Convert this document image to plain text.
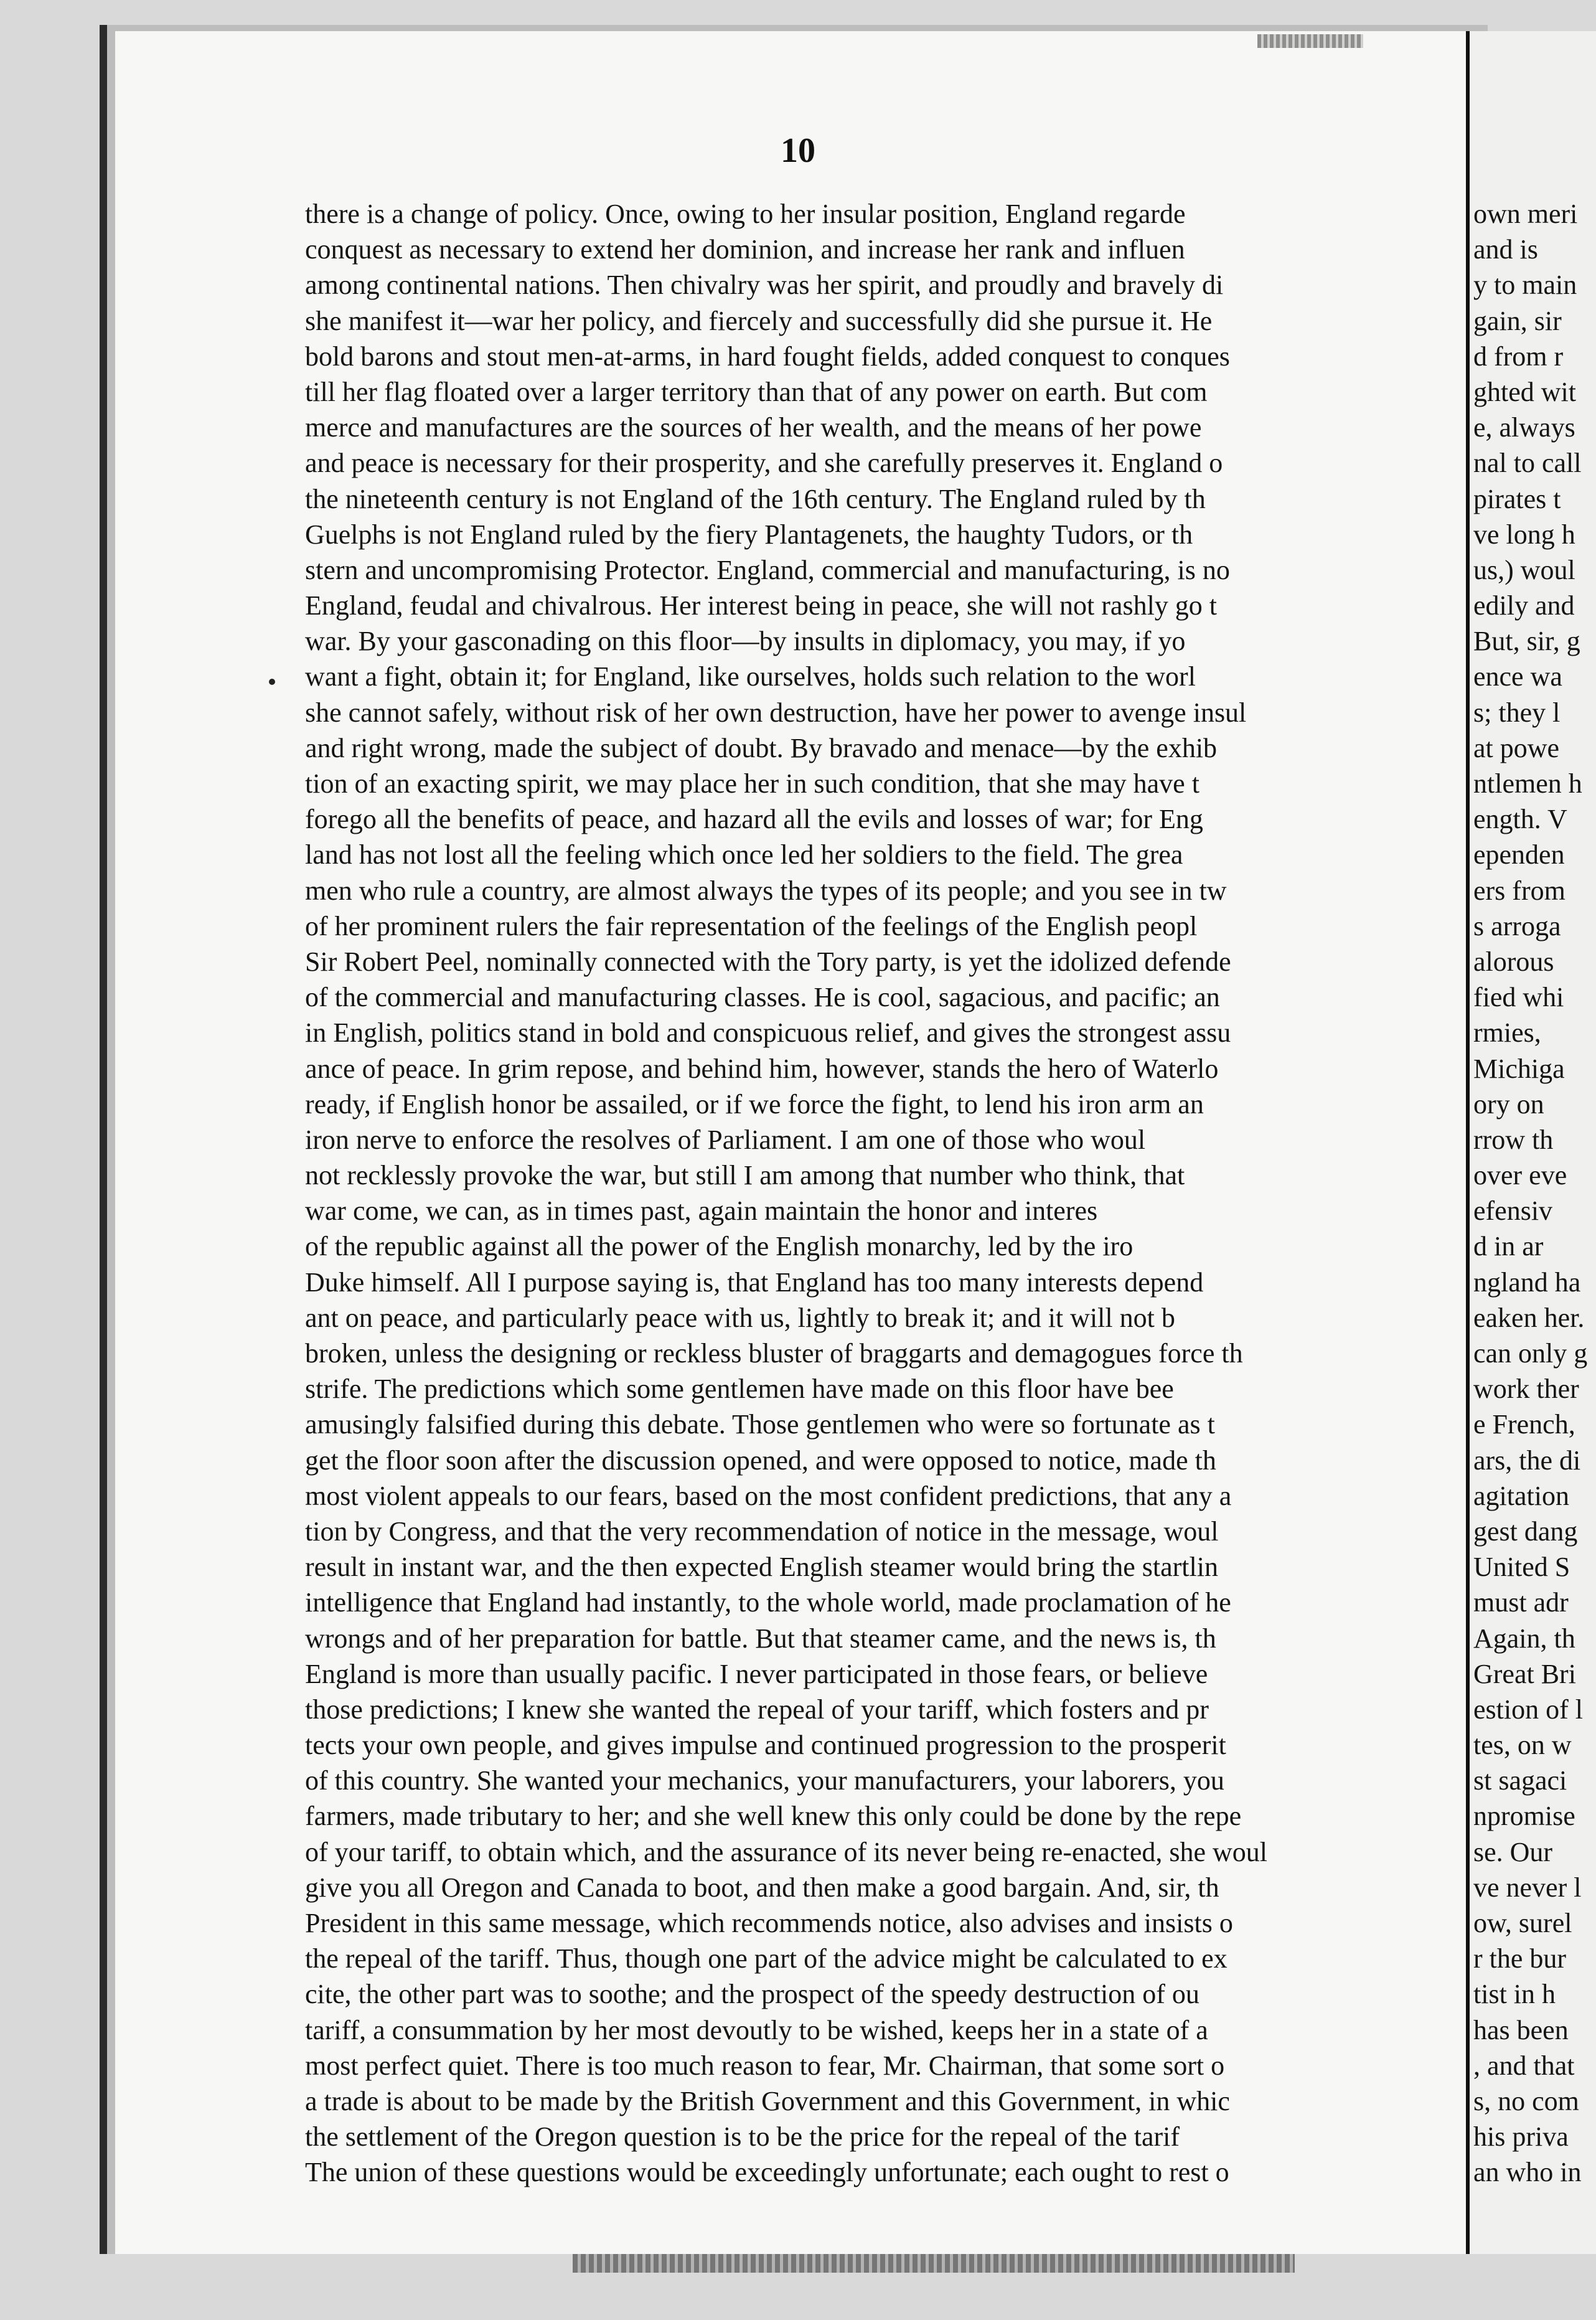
10
there is a change of policy. Once, owing to her insular position, England regarde
conquest as necessary to extend her dominion, and increase her rank and influen
among continental nations. Then chivalry was her spirit, and proudly and bravely di
she manifest it—war her policy, and fiercely and successfully did she pursue it. He
bold barons and stout men-at-arms, in hard fought fields, added conquest to conques
till her flag floated over a larger territory than that of any power on earth. But com
merce and manufactures are the sources of her wealth, and the means of her powe
and peace is necessary for their prosperity, and she carefully preserves it. England o
the nineteenth century is not England of the 16th century. The England ruled by th
Guelphs is not England ruled by the fiery Plantagenets, the haughty Tudors, or th
stern and uncompromising Protector. England, commercial and manufacturing, is no
England, feudal and chivalrous. Her interest being in peace, she will not rashly go t
war. By your gasconading on this floor—by insults in diplomacy, you may, if yo
want a fight, obtain it; for England, like ourselves, holds such relation to the worl
she cannot safely, without risk of her own destruction, have her power to avenge insul
and right wrong, made the subject of doubt. By bravado and menace—by the exhib
tion of an exacting spirit, we may place her in such condition, that she may have t
forego all the benefits of peace, and hazard all the evils and losses of war; for Eng
land has not lost all the feeling which once led her soldiers to the field. The grea
men who rule a country, are almost always the types of its people; and you see in tw
of her prominent rulers the fair representation of the feelings of the English peopl
Sir Robert Peel, nominally connected with the Tory party, is yet the idolized defende
of the commercial and manufacturing classes. He is cool, sagacious, and pacific; an
in English, politics stand in bold and conspicuous relief, and gives the strongest assu
ance of peace. In grim repose, and behind him, however, stands the hero of Waterlo
ready, if English honor be assailed, or if we force the fight, to lend his iron arm an
iron nerve to enforce the resolves of Parliament. I am one of those who woul
not recklessly provoke the war, but still I am among that number who think, that
war come, we can, as in times past, again maintain the honor and interes
of the republic against all the power of the English monarchy, led by the iro
Duke himself. All I purpose saying is, that England has too many interests depend
ant on peace, and particularly peace with us, lightly to break it; and it will not b
broken, unless the designing or reckless bluster of braggarts and demagogues force th
strife. The predictions which some gentlemen have made on this floor have bee
amusingly falsified during this debate. Those gentlemen who were so fortunate as t
get the floor soon after the discussion opened, and were opposed to notice, made th
most violent appeals to our fears, based on the most confident predictions, that any a
tion by Congress, and that the very recommendation of notice in the message, woul
result in instant war, and the then expected English steamer would bring the startlin
intelligence that England had instantly, to the whole world, made proclamation of he
wrongs and of her preparation for battle. But that steamer came, and the news is, th
England is more than usually pacific. I never participated in those fears, or believe
those predictions; I knew she wanted the repeal of your tariff, which fosters and pr
tects your own people, and gives impulse and continued progression to the prosperit
of this country. She wanted your mechanics, your manufacturers, your laborers, you
farmers, made tributary to her; and she well knew this only could be done by the repe
of your tariff, to obtain which, and the assurance of its never being re-enacted, she woul
give you all Oregon and Canada to boot, and then make a good bargain. And, sir, th
President in this same message, which recommends notice, also advises and insists o
the repeal of the tariff. Thus, though one part of the advice might be calculated to ex
cite, the other part was to soothe; and the prospect of the speedy destruction of ou
tariff, a consummation by her most devoutly to be wished, keeps her in a state of a
most perfect quiet. There is too much reason to fear, Mr. Chairman, that some sort o
a trade is about to be made by the British Government and this Government, in whic
the settlement of the Oregon question is to be the price for the repeal of the tarif
The union of these questions would be exceedingly unfortunate; each ought to rest o
own meri
and is
y to main
gain, sir
d from r
ghted wit
e, always
nal to call
pirates t
ve long h
us,) woul
edily and
But, sir, g
ence wa
s; they l
at powe
ntlemen h
ength. V
ependen
ers from
s arroga
alorous
fied whi
rmies,
Michiga
ory on
rrow th
over eve
efensiv
d in ar
ngland ha
eaken her.
can only g
work ther
e French,
ars, the di
agitation
gest dang
United S
must adr
Again, th
Great Bri
estion of l
tes, on w
st sagaci
npromise
se. Our
ve never l
ow, surel
r the bur
tist in h
has been
, and that
s, no com
his priva
an who in
